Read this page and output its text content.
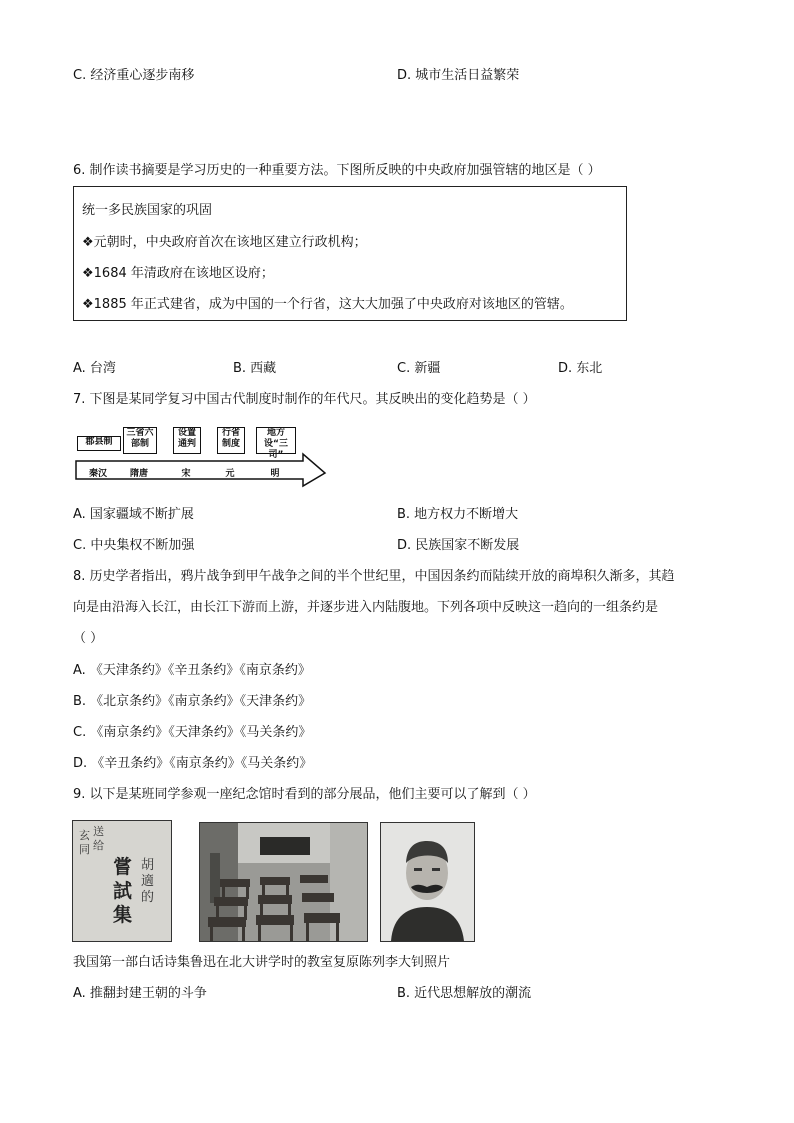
C. 经济重心逐步南移	D. 城市生活日益繁荣
6. 制作读书摘要是学习历史的一种重要方法。下图所反映的中央政府加强管辖的地区是（ ）
统一多民族国家的巩固
❖元朝时，中央政府首次在该地区建立行政机构；
❖1684 年清政府在该地区设府；
❖1885 年正式建省，成为中国的一个行省，这大大加强了中央政府对该地区的管辖。
A. 台湾	B. 西藏	C. 新疆	D. 东北
7. 下图是某同学复习中国古代制度时制作的年代尺。其反映出的变化趋势是（ ）
郡县制
三省六部制
设置通判
行省制度
地方设“三司”
秦汉	隋唐	宋	元	明
A. 国家疆域不断扩展	B. 地方权力不断增大
C. 中央集权不断加强	D. 民族国家不断发展
8. 历史学者指出，鸦片战争到甲午战争之间的半个世纪里，中国因条约而陆续开放的商埠积久渐多，其趋
向是由沿海入长江，由长江下游而上游，并逐步进入内陆腹地。下列各项中反映这一趋向的一组条约是
（ ）
A. 《天津条约》《辛丑条约》《南京条约》
B. 《北京条约》《南京条约》《天津条约》
C. 《南京条约》《天津条约》《马关条约》
D. 《辛丑条约》《南京条约》《马关条约》
9. 以下是某班同学参观一座纪念馆时看到的部分展品，他们主要可以了解到（ ）
玄 送
给
同
嘗
試
集
胡
適
的
我国第一部白话诗集鲁迅在北大讲学时的教室复原陈列李大钊照片
A. 推翻封建王朝的斗争	B. 近代思想解放的潮流
